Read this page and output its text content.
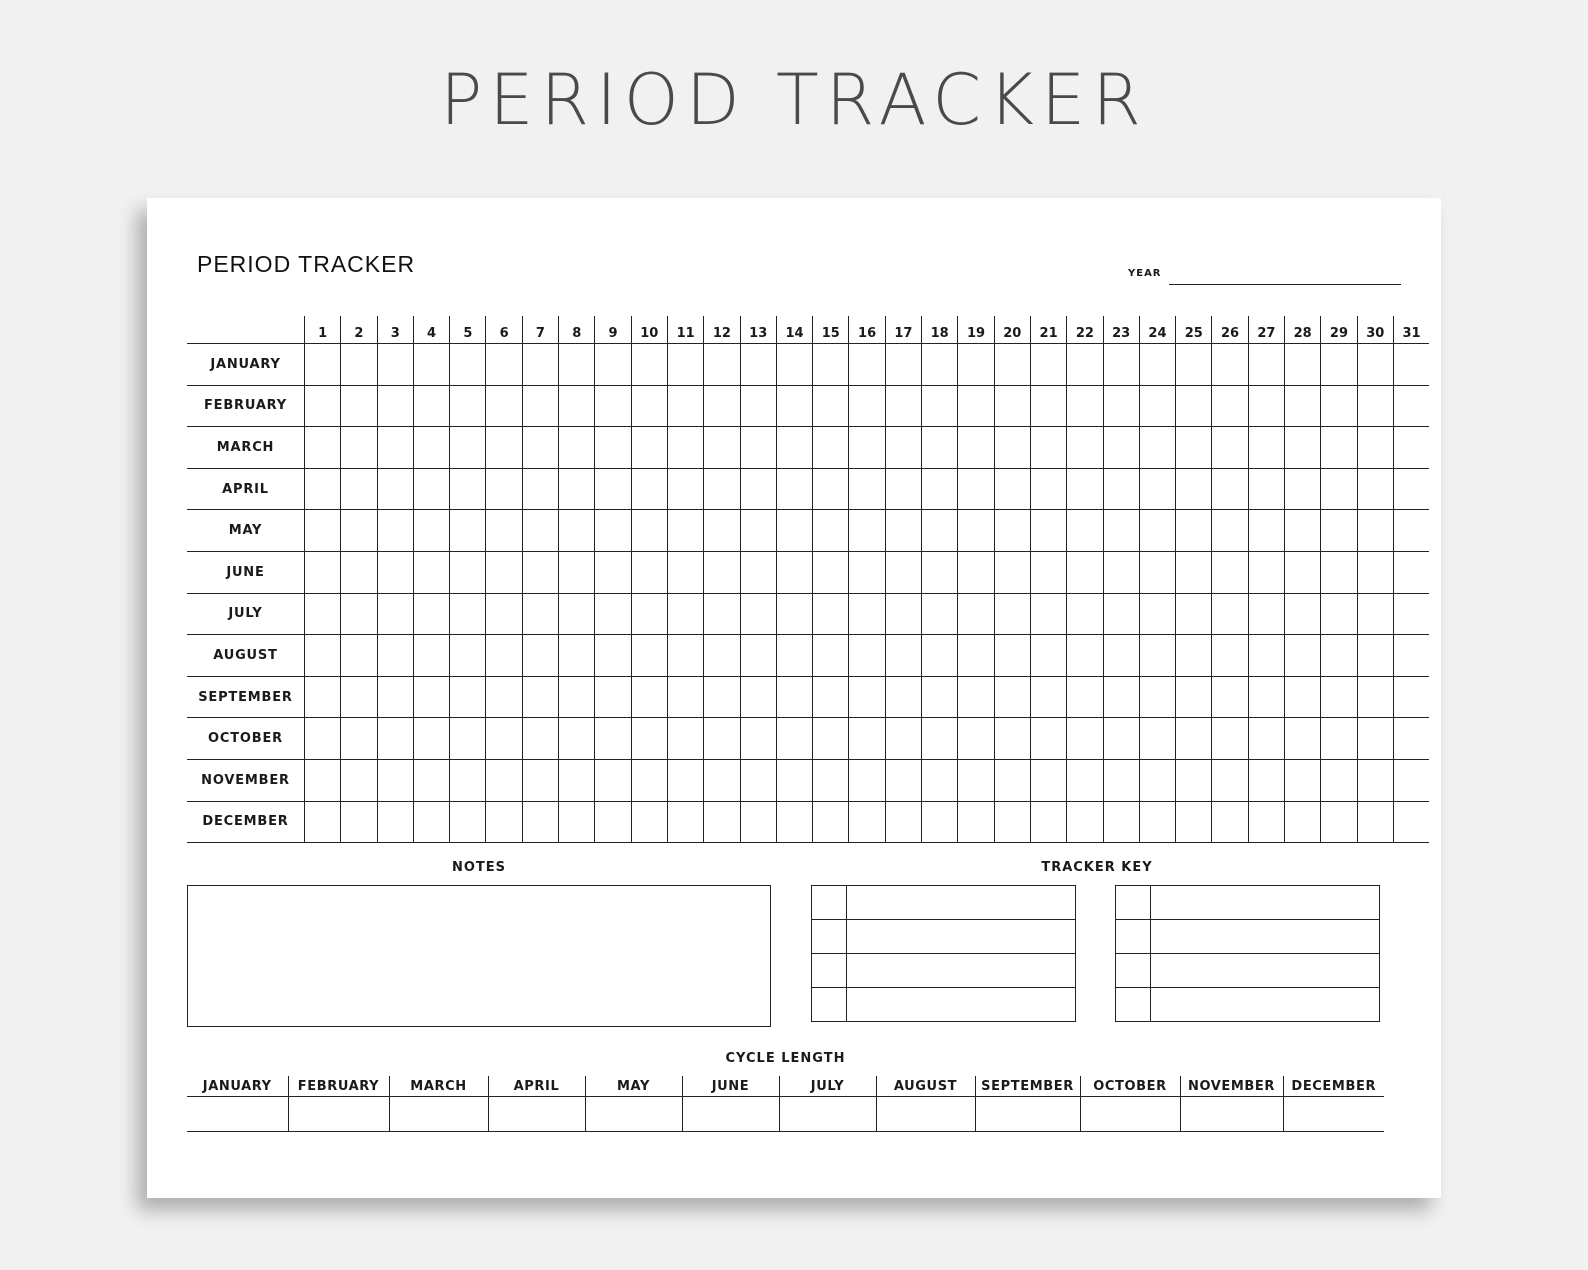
PERIOD TRACKER
PERIOD TRACKER	YEAR
	1	2	3	4	5	6	7	8	9	10	11	12	13	14	15	16	17	18	19	20	21	22	23	24	25	26	27	28	29	30	31
JANUARY																															
FEBRUARY																															
MARCH																															
APRIL																															
MAY																															
JUNE																															
JULY																															
AUGUST																															
SEPTEMBER																															
OCTOBER																															
NOVEMBER																															
DECEMBER																															
NOTES	TRACKER KEY

CYCLE LENGTH
JANUARY	FEBRUARY	MARCH	APRIL	MAY	JUNE	JULY	AUGUST	SEPTEMBER	OCTOBER	NOVEMBER	DECEMBER
